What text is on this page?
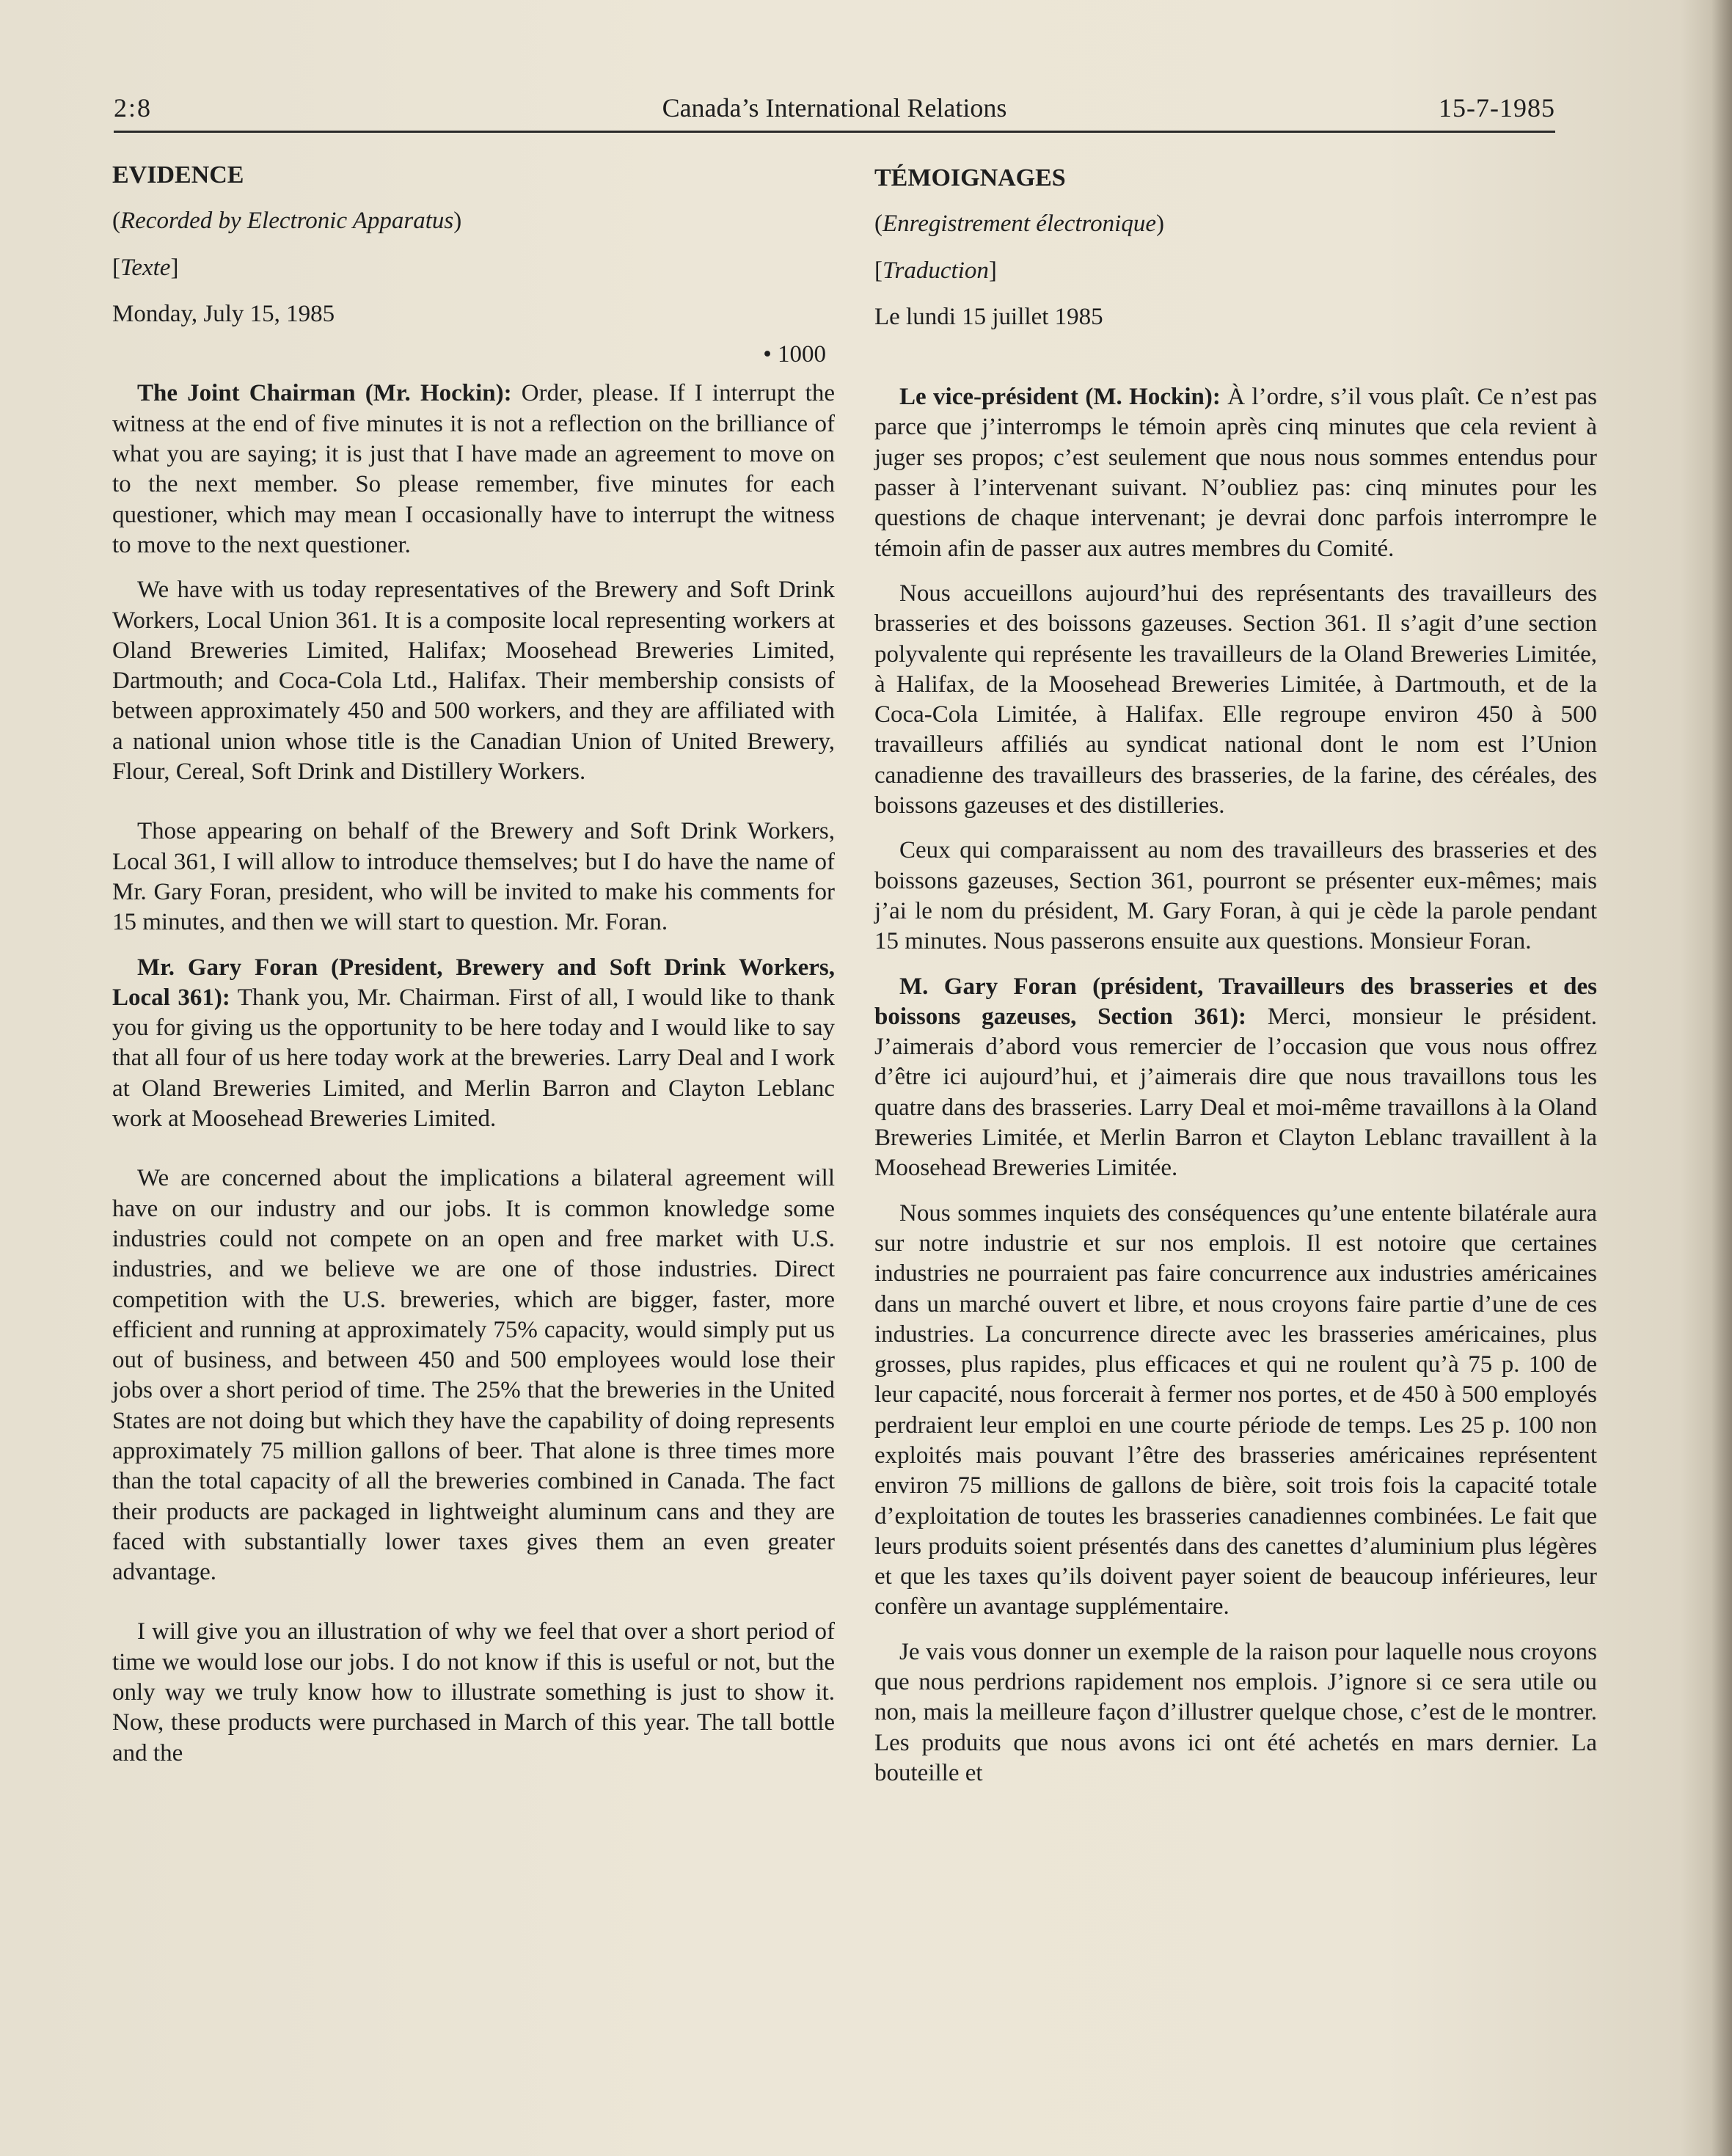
2:8	Canada’s International Relations	15-7-1985
EVIDENCE
(Recorded by Electronic Apparatus)
[Texte]
Monday, July 15, 1985
• 1000

The Joint Chairman (Mr. Hockin): Order, please. If I interrupt the witness at the end of five minutes it is not a reflection on the brilliance of what you are saying; it is just that I have made an agreement to move on to the next member. So please remember, five minutes for each questioner, which may mean I occasionally have to interrupt the witness to move to the next questioner.

We have with us today representatives of the Brewery and Soft Drink Workers, Local Union 361. It is a composite local representing workers at Oland Breweries Limited, Halifax; Moosehead Breweries Limited, Dartmouth; and Coca-Cola Ltd., Halifax. Their membership consists of between approximately 450 and 500 workers, and they are affiliated with a national union whose title is the Canadian Union of United Brewery, Flour, Cereal, Soft Drink and Distillery Workers.

Those appearing on behalf of the Brewery and Soft Drink Workers, Local 361, I will allow to introduce themselves; but I do have the name of Mr. Gary Foran, president, who will be invited to make his comments for 15 minutes, and then we will start to question. Mr. Foran.

Mr. Gary Foran (President, Brewery and Soft Drink Workers, Local 361): Thank you, Mr. Chairman. First of all, I would like to thank you for giving us the opportunity to be here today and I would like to say that all four of us here today work at the breweries. Larry Deal and I work at Oland Breweries Limited, and Merlin Barron and Clayton Leblanc work at Moosehead Breweries Limited.

We are concerned about the implications a bilateral agreement will have on our industry and our jobs. It is common knowledge some industries could not compete on an open and free market with U.S. industries, and we believe we are one of those industries. Direct competition with the U.S. breweries, which are bigger, faster, more efficient and running at approximately 75% capacity, would simply put us out of business, and between 450 and 500 employees would lose their jobs over a short period of time. The 25% that the breweries in the United States are not doing but which they have the capability of doing represents approximately 75 million gallons of beer. That alone is three times more than the total capacity of all the breweries combined in Canada. The fact their products are packaged in lightweight aluminum cans and they are faced with substantially lower taxes gives them an even greater advantage.

I will give you an illustration of why we feel that over a short period of time we would lose our jobs. I do not know if this is useful or not, but the only way we truly know how to illustrate something is just to show it. Now, these products were purchased in March of this year. The tall bottle and the

TÉMOIGNAGES
(Enregistrement électronique)
[Traduction]
Le lundi 15 juillet 1985

Le vice-président (M. Hockin): À l’ordre, s’il vous plaît. Ce n’est pas parce que j’interromps le témoin après cinq minutes que cela revient à juger ses propos; c’est seulement que nous nous sommes entendus pour passer à l’intervenant suivant. N’oubliez pas: cinq minutes pour les questions de chaque intervenant; je devrai donc parfois interrompre le témoin afin de passer aux autres membres du Comité.

Nous accueillons aujourd’hui des représentants des travailleurs des brasseries et des boissons gazeuses. Section 361. Il s’agit d’une section polyvalente qui représente les travailleurs de la Oland Breweries Limitée, à Halifax, de la Moosehead Breweries Limitée, à Dartmouth, et de la Coca-Cola Limitée, à Halifax. Elle regroupe environ 450 à 500 travailleurs affiliés au syndicat national dont le nom est l’Union canadienne des travailleurs des brasseries, de la farine, des céréales, des boissons gazeuses et des distilleries.

Ceux qui comparaissent au nom des travailleurs des brasseries et des boissons gazeuses, Section 361, pourront se présenter eux-mêmes; mais j’ai le nom du président, M. Gary Foran, à qui je cède la parole pendant 15 minutes. Nous passerons ensuite aux questions. Monsieur Foran.

M. Gary Foran (président, Travailleurs des brasseries et des boissons gazeuses, Section 361): Merci, monsieur le président. J’aimerais d’abord vous remercier de l’occasion que vous nous offrez d’être ici aujourd’hui, et j’aimerais dire que nous travaillons tous les quatre dans des brasseries. Larry Deal et moi-même travaillons à la Oland Breweries Limitée, et Merlin Barron et Clayton Leblanc travaillent à la Moosehead Breweries Limitée.

Nous sommes inquiets des conséquences qu’une entente bilatérale aura sur notre industrie et sur nos emplois. Il est notoire que certaines industries ne pourraient pas faire concurrence aux industries américaines dans un marché ouvert et libre, et nous croyons faire partie d’une de ces industries. La concurrence directe avec les brasseries américaines, plus grosses, plus rapides, plus efficaces et qui ne roulent qu’à 75 p. 100 de leur capacité, nous forcerait à fermer nos portes, et de 450 à 500 employés perdraient leur emploi en une courte période de temps. Les 25 p. 100 non exploités mais pouvant l’être des brasseries américaines représentent environ 75 millions de gallons de bière, soit trois fois la capacité totale d’exploitation de toutes les brasseries canadiennes combinées. Le fait que leurs produits soient présentés dans des canettes d’aluminium plus légères et que les taxes qu’ils doivent payer soient de beaucoup inférieures, leur confère un avantage supplémentaire.

Je vais vous donner un exemple de la raison pour laquelle nous croyons que nous perdrions rapidement nos emplois. J’ignore si ce sera utile ou non, mais la meilleure façon d’illustrer quelque chose, c’est de le montrer. Les produits que nous avons ici ont été achetés en mars dernier. La bouteille et
